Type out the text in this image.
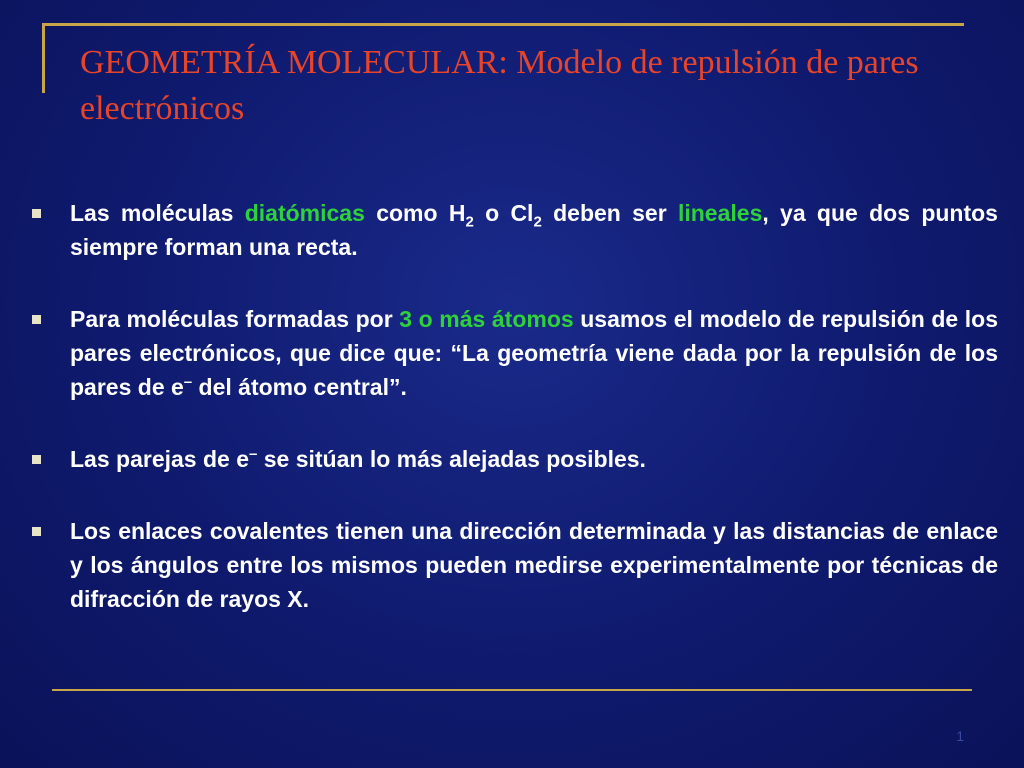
GEOMETRÍA MOLECULAR: Modelo de repulsión de pares electrónicos
Las moléculas diatómicas como $H_2$ o $Cl_2$ deben ser lineales, ya que dos puntos siempre forman una recta.
Para moléculas formadas por 3 o más átomos usamos el modelo de repulsión de los pares electrónicos, que dice que: “La geometría viene dada por la repulsión de los pares de e– del átomo central”.
Las parejas de e– se sitúan lo más alejadas posibles.
Los enlaces covalentes tienen una dirección determinada y las distancias de enlace y los ángulos entre los mismos pueden medirse experimentalmente por técnicas de difracción de rayos X.
1
